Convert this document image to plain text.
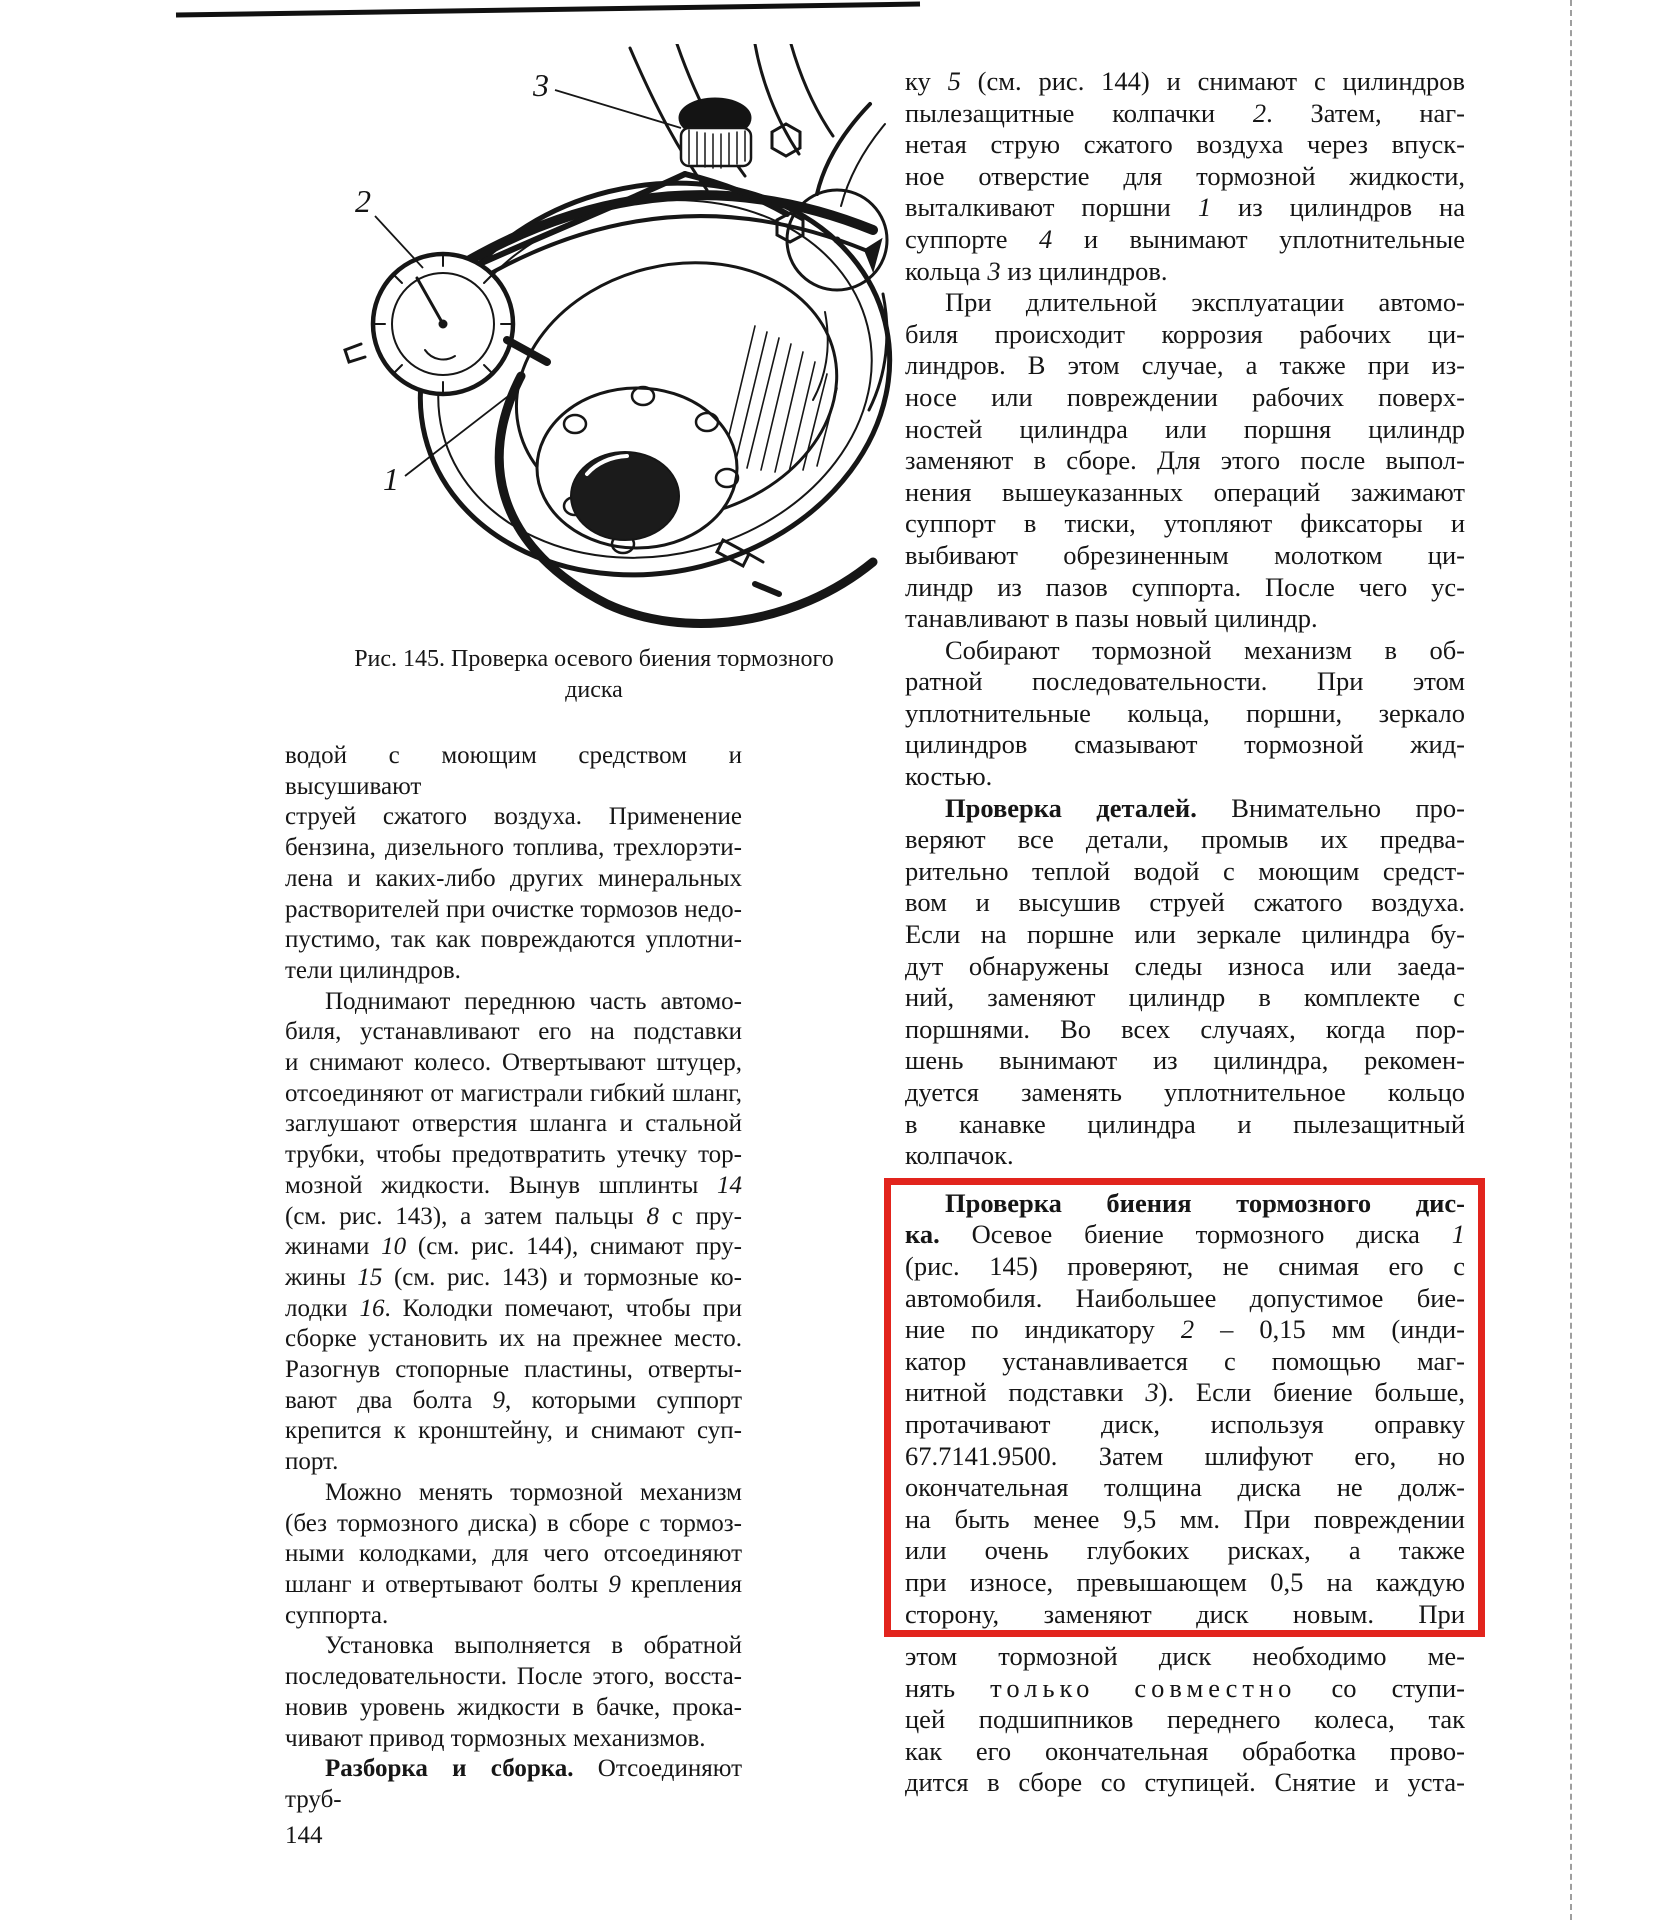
3
2
1
Рис. 145. Проверка осевого биения тормозного
диска
водой с моющим средством и высушивают
струей сжатого воздуха. Применение
бензина, дизельного топлива, трехлорэти-
лена и каких-либо других минеральных
растворителей при очистке тормозов недо-
пустимо, так как повреждаются уплотни-
тели цилиндров.
Поднимают переднюю часть автомо-
биля, устанавливают его на подставки
и снимают колесо. Отвертывают штуцер,
отсоединяют от магистрали гибкий шланг,
заглушают отверстия шланга и стальной
трубки, чтобы предотвратить утечку тор-
мозной жидкости. Вынув шплинты 14
(см. рис. 143), а затем пальцы 8 с пру-
жинами 10 (см. рис. 144), снимают пру-
жины 15 (см. рис. 143) и тормозные ко-
лодки 16. Колодки помечают, чтобы при
сборке установить их на прежнее место.
Разогнув стопорные пластины, отверты-
вают два болта 9, которыми суппорт
крепится к кронштейну, и снимают суп-
порт.
Можно менять тормозной механизм
(без тормозного диска) в сборе с тормоз-
ными колодками, для чего отсоединяют
шланг и отвертывают болты 9 крепления
суппорта.
Установка выполняется в обратной
последовательности. После этого, восста-
новив уровень жидкости в бачке, прока-
чивают привод тормозных механизмов.
Разборка и сборка. Отсоединяют труб-
144
ку 5 (см. рис. 144) и снимают с цилиндров
пылезащитные колпачки 2. Затем, наг-
нетая струю сжатого воздуха через впуск-
ное отверстие для тормозной жидкости,
выталкивают поршни 1 из цилиндров на
суппорте 4 и вынимают уплотнительные
кольца 3 из цилиндров.
При длительной эксплуатации автомо-
биля происходит коррозия рабочих ци-
линдров. В этом случае, а также при из-
носе или повреждении рабочих поверх-
ностей цилиндра или поршня цилиндр
заменяют в сборе. Для этого после выпол-
нения вышеуказанных операций зажимают
суппорт в тиски, утопляют фиксаторы и
выбивают обрезиненным молотком ци-
линдр из пазов суппорта. После чего ус-
танавливают в пазы новый цилиндр.
Собирают тормозной механизм в об-
ратной последовательности. При этом
уплотнительные кольца, поршни, зеркало
цилиндров смазывают тормозной жид-
костью.
Проверка деталей. Внимательно про-
веряют все детали, промыв их предва-
рительно теплой водой с моющим средст-
вом и высушив струей сжатого воздуха.
Если на поршне или зеркале цилиндра бу-
дут обнаружены следы износа или заеда-
ний, заменяют цилиндр в комплекте с
поршнями. Во всех случаях, когда пор-
шень вынимают из цилиндра, рекомен-
дуется заменять уплотнительное кольцо
в канавке цилиндра и пылезащитный
колпачок.
Проверка биения тормозного дис-
ка. Осевое биение тормозного диска 1
(рис. 145) проверяют, не снимая его с
автомобиля. Наибольшее допустимое бие-
ние по индикатору 2 – 0,15 мм (инди-
катор устанавливается с помощью маг-
нитной подставки 3). Если биение больше,
протачивают диск, используя оправку
67.7141.9500. Затем шлифуют его, но
окончательная толщина диска не долж-
на быть менее 9,5 мм. При повреждении
или очень глубоких рисках, а также
при износе, превышающем 0,5 на каждую
сторону, заменяют диск новым. При
этом тормозной диск необходимо ме-
нять только совместно со ступи-
цей подшипников переднего колеса, так
как его окончательная обработка прово-
дится в сборе со ступицей. Снятие и уста-
